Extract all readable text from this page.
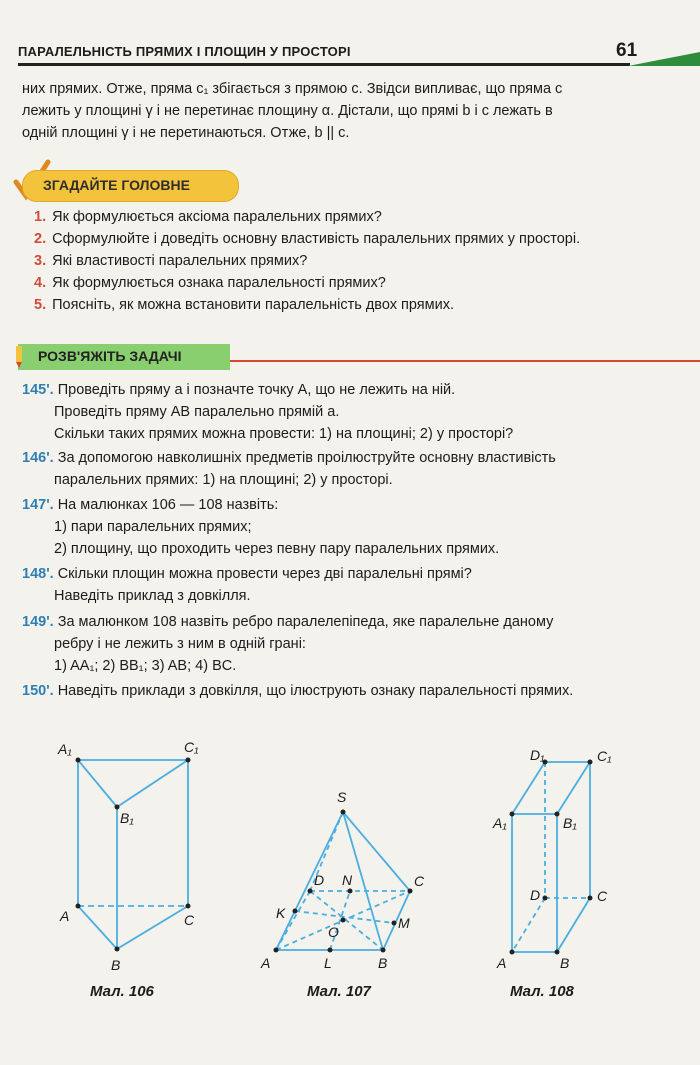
ПАРАЛЕЛЬНІСТЬ ПРЯМИХ І ПЛОЩИН У ПРОСТОРІ	61
них прямих. Отже, пряма c₁ збігається з прямою c. Звідси випливає, що пряма c
лежить у площині γ і не перетинає площину α. Дістали, що прямі b і c лежать в
одній площині γ і не перетинаються. Отже, b || c.
ЗГАДАЙТЕ ГОЛОВНЕ
1. Як формулюється аксіома паралельних прямих?
2. Сформулюйте і доведіть основну властивість паралельних прямих у просторі.
3. Які властивості паралельних прямих?
4. Як формулюється ознака паралельності прямих?
5. Поясніть, як можна встановити паралельність двох прямих.
РОЗВ'ЯЖІТЬ ЗАДАЧІ
145'. Проведіть пряму a і позначте точку A, що не лежить на ній.
Проведіть пряму AB паралельно прямій a.
Скільки таких прямих можна провести: 1) на площині; 2) у просторі?
146'. За допомогою навколишніх предметів проілюструйте основну властивість
паралельних прямих: 1) на площині; 2) у просторі.
147'. На малюнках 106 — 108 назвіть:
1) пари паралельних прямих;
2) площину, що проходить через певну пару паралельних прямих.
148'. Скільки площин можна провести через дві паралельні прямі?
Наведіть приклад з довкілля.
149'. За малюнком 108 назвіть ребро паралелепіпеда, яке паралельне даному
ребру і не лежить з ним в одній грані:
1) AA₁; 2) BB₁; 3) AB; 4) BC.
150'. Наведіть приклади з довкілля, що ілюструють ознаку паралельності прямих.
A₁	C₁
B₁
A	C
B
S
D N	C
K
M
O
A	L	B
D₁	C₁
A₁	B₁
D	C
A	B
Мал. 106	Мал. 107	Мал. 108
